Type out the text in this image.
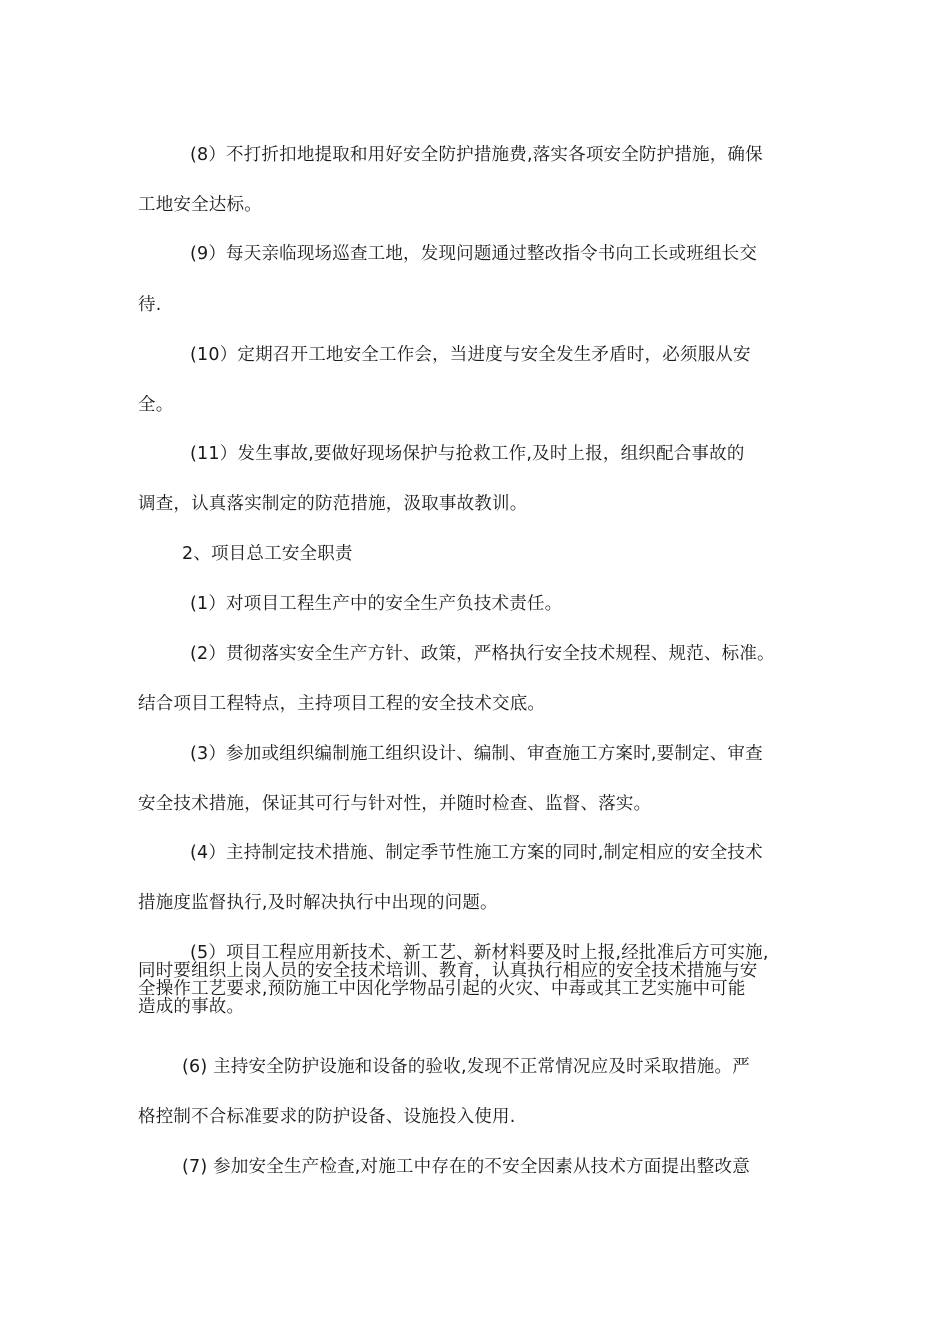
(8）不打折扣地提取和用好安全防护措施费,落实各项安全防护措施，确保
工地安全达标。
(9）每天亲临现场巡查工地，发现问题通过整改指令书向工长或班组长交
待.
(10）定期召开工地安全工作会，当进度与安全发生矛盾时，必须服从安
全。
(11）发生事故,要做好现场保护与抢救工作,及时上报，组织配合事故的
调查，认真落实制定的防范措施，汲取事故教训。
2、项目总工安全职责
(1）对项目工程生产中的安全生产负技术责任。
(2）贯彻落实安全生产方针、政策，严格执行安全技术规程、规范、标准。
结合项目工程特点，主持项目工程的安全技术交底。
(3）参加或组织编制施工组织设计、编制、审查施工方案时,要制定、审查
安全技术措施，保证其可行与针对性，并随时检查、监督、落实。
(4）主持制定技术措施、制定季节性施工方案的同时,制定相应的安全技术
措施度监督执行,及时解决执行中出现的问题。
(5）项目工程应用新技术、新工艺、新材料要及时上报,经批准后方可实施,
同时要组织上岗人员的安全技术培训、教育，认真执行相应的安全技术措施与安
全操作工艺要求,预防施工中因化学物品引起的火灾、中毒或其工艺实施中可能
造成的事故。
(6) 主持安全防护设施和设备的验收,发现不正常情况应及时采取措施。严
格控制不合标准要求的防护设备、设施投入使用.
(7) 参加安全生产检查,对施工中存在的不安全因素从技术方面提出整改意
